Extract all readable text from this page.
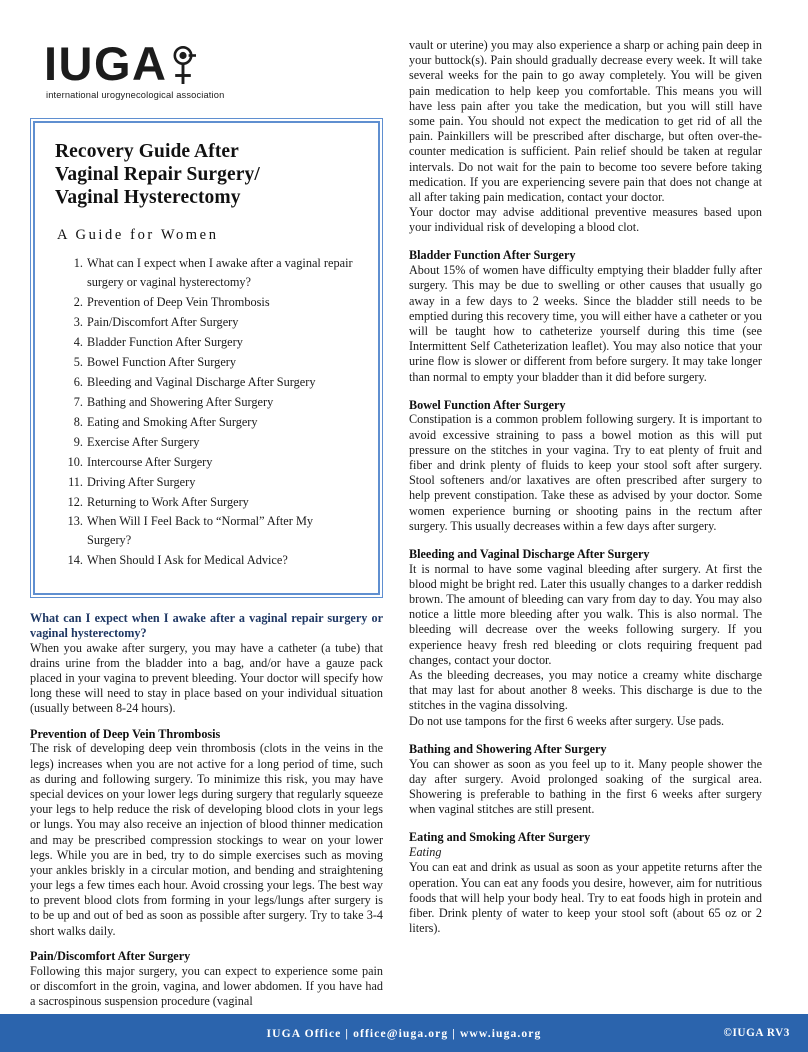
IUGA
international urogynecological association
Recovery Guide After
Vaginal Repair Surgery/
Vaginal Hysterectomy
A Guide for Women
What can I expect when I awake after a vaginal repair surgery or vaginal hysterectomy?
Prevention of Deep Vein Thrombosis
Pain/Discomfort After Surgery
Bladder Function After Surgery
Bowel Function After Surgery
Bleeding and Vaginal Discharge After Surgery
Bathing and Showering After Surgery
Eating and Smoking After Surgery
Exercise After Surgery
Intercourse After Surgery
Driving After Surgery
Returning to Work After Surgery
When Will I Feel Back to “Normal” After My Surgery?
When Should I Ask for Medical Advice?
What can I expect when I awake after a vaginal repair surgery or vaginal hysterectomy?

When you awake after surgery, you may have a catheter (a tube) that drains urine from the bladder into a bag, and/or have a gauze pack placed in your vagina to prevent bleeding. Your doctor will specify how long these will need to stay in place based on your individual situation (usually between 8-24 hours).

Prevention of Deep Vein Thrombosis

The risk of developing deep vein thrombosis (clots in the veins in the legs) increases when you are not active for a long period of time, such as during and following surgery. To minimize this risk, you may have special devices on your lower legs during surgery that regularly squeeze your legs to help reduce the risk of developing blood clots in your legs or lungs. You may also receive an injection of blood thinner medication and may be prescribed compression stockings to wear on your lower legs. While you are in bed, try to do simple exercises such as moving your ankles briskly in a circular motion, and bending and straightening your legs a few times each hour. Avoid crossing your legs. The best way to prevent blood clots from forming in your legs/lungs after surgery is to be up and out of bed as soon as possible after surgery. Try to take 3-4 short walks daily.

Pain/Discomfort After Surgery

Following this major surgery, you can expect to experience some pain or discomfort in the groin, vagina, and lower abdomen. If you have had a sacrospinous suspension procedure (vaginal

vault or uterine) you may also experience a sharp or aching pain deep in your buttock(s). Pain should gradually decrease every week. It will take several weeks for the pain to go away completely. You will be given pain medication to help keep you comfortable. This means you will have less pain after you take the medication, but you will still have some pain. You should not expect the medication to get rid of all the pain. Painkillers will be prescribed after discharge, but often over-the-counter medication is sufficient. Pain relief should be taken at regular intervals. Do not wait for the pain to become too severe before taking medication. If you are experiencing severe pain that does not change at all after taking pain medication, contact your doctor.

Your doctor may advise additional preventive measures based upon your individual risk of developing a blood clot.

Bladder Function After Surgery

About 15% of women have difficulty emptying their bladder fully after surgery. This may be due to swelling or other causes that usually go away in a few days to 2 weeks. Since the bladder still needs to be emptied during this recovery time, you will either have a catheter or you will be taught how to catheterize yourself during this time (see Intermittent Self Catheterization leaflet). You may also notice that your urine flow is slower or different from before surgery. It may take longer than normal to empty your bladder than it did before surgery.

Bowel Function After Surgery

Constipation is a common problem following surgery. It is important to avoid excessive straining to pass a bowel motion as this will put pressure on the stitches in your vagina. Try to eat plenty of fruit and fiber and drink plenty of fluids to keep your stool soft after surgery. Stool softeners and/or laxatives are often prescribed after surgery to help prevent constipation. Take these as advised by your doctor. Some women experience burning or shooting pains in the rectum after surgery. This usually decreases within a few days after surgery.

Bleeding and Vaginal Discharge After Surgery

It is normal to have some vaginal bleeding after surgery. At first the blood might be bright red. Later this usually changes to a darker reddish brown. The amount of bleeding can vary from day to day. You may also notice a little more bleeding after you walk. This is also normal. The bleeding will decrease over the weeks following surgery. If you experience heavy fresh red bleeding or clots requiring frequent pad changes, contact your doctor.

As the bleeding decreases, you may notice a creamy white discharge that may last for about another 8 weeks. This discharge is due to the stitches in the vagina dissolving.

Do not use tampons for the first 6 weeks after surgery. Use pads.

Bathing and Showering After Surgery

You can shower as soon as you feel up to it. Many people shower the day after surgery. Avoid prolonged soaking of the surgical area. Showering is preferable to bathing in the first 6 weeks after surgery when vaginal stitches are still present.

Eating and Smoking After Surgery

Eating

You can eat and drink as usual as soon as your appetite returns after the operation. You can eat any foods you desire, however, aim for nutritious foods that will help your body heal. Try to eat foods high in protein and fiber. Drink plenty of water to keep your stool soft (about 65 oz or 2 liters).

IUGA Office | office@iuga.org | www.iuga.org	©IUGA RV3
